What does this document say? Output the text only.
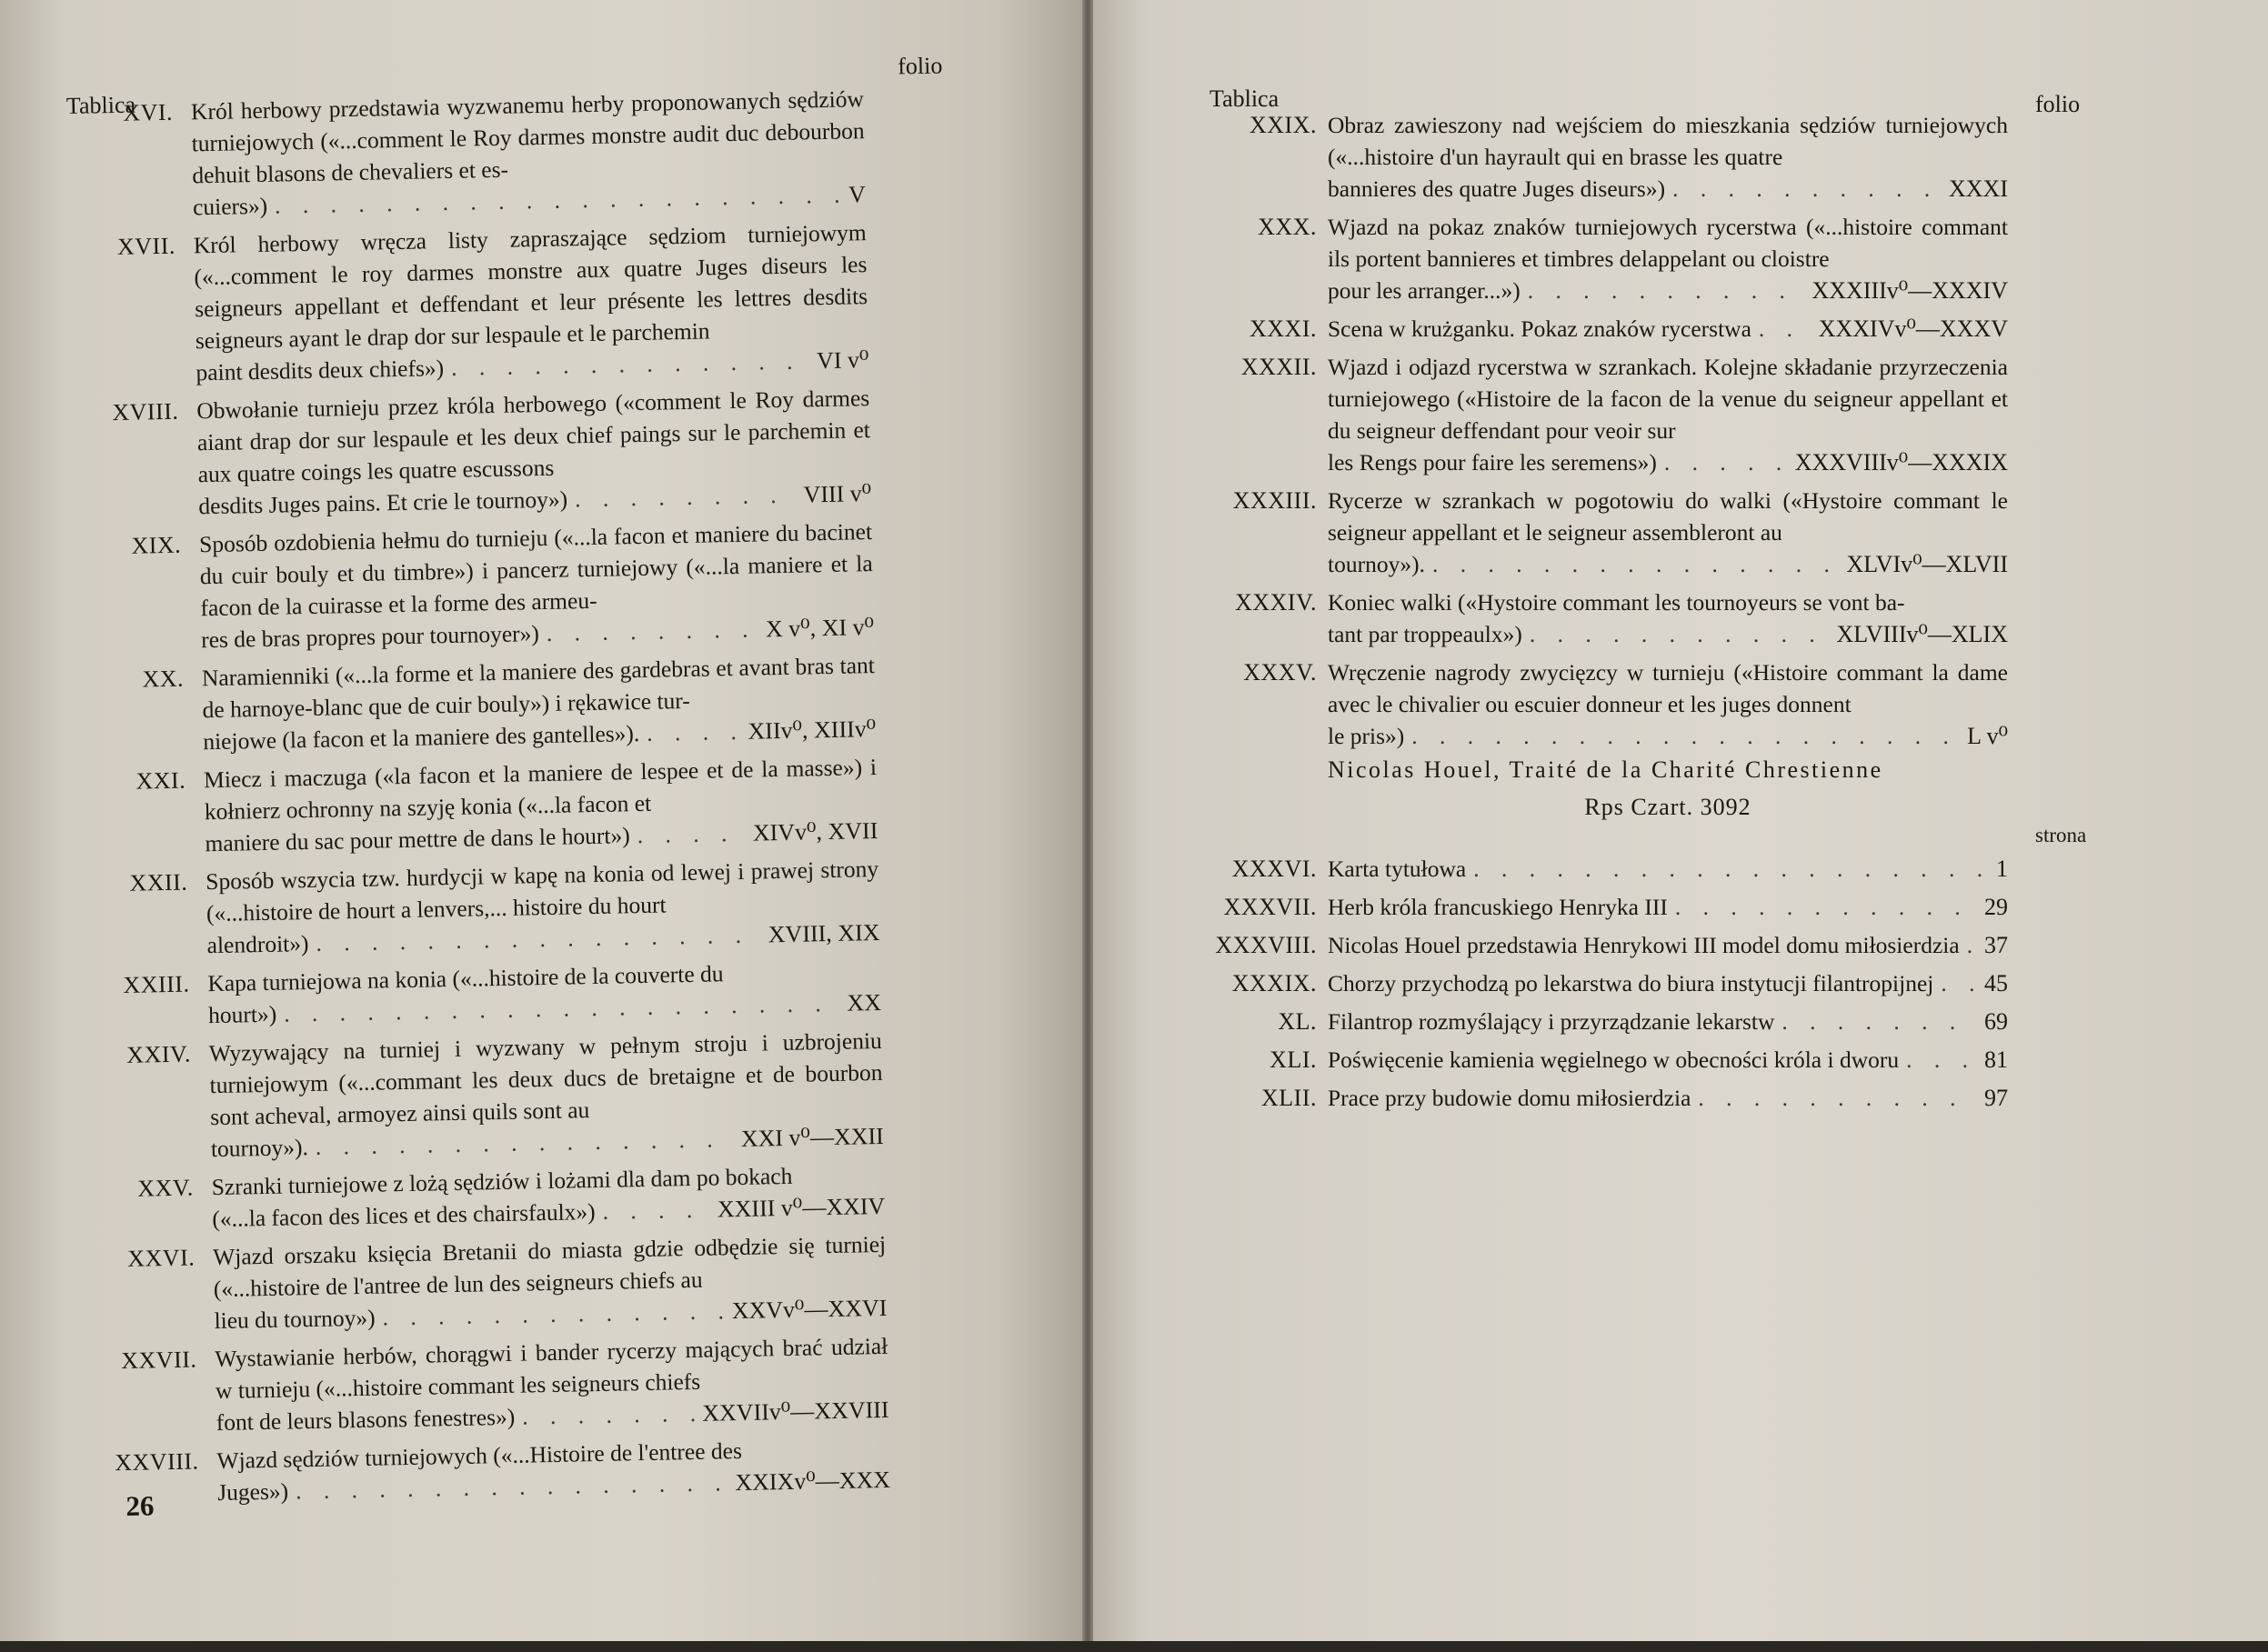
Tablica
folio
XVI. Król herbowy przedstawia wyzwanemu herby proponowanych sędziów turniejowych («...comment le Roy darmes monstre audit duc debourbon dehuit blasons de chevaliers et es-
cuiers») . . .	V
XVII. Król herbowy wręcza listy zapraszające sędziom turniejowym («...comment le roy darmes monstre aux quatre Juges diseurs les seigneurs appellant et deffendant et leur présente les lettres desdits seigneurs ayant le drap dor sur lespaule et le parchemin
paint desdits deux chiefs») . . .	VI v⁰
XVIII. Obwołanie turnieju przez króla herbowego («comment le Roy darmes aiant drap dor sur lespaule et les deux chief paings sur le parchemin et aux quatre coings les quatre escussons
desdits Juges pains. Et crie le tournoy») . . .	VIII v⁰
XIX. Sposób ozdobienia hełmu do turnieju («...la facon et maniere du bacinet du cuir bouly et du timbre») i pancerz turniejowy («...la maniere et la facon de la cuirasse et la forme des armeu-
res de bras propres pour tournoyer») . . .	X v⁰, XI v⁰
XX. Naramienniki («...la forme et la maniere des gardebras et avant bras tant de harnoye-blanc que de cuir bouly») i rękawice tur-
niejowe (la facon et la maniere des gantelles»). . . .	XIIv⁰, XIIIv⁰
XXI. Miecz i maczuga («la facon et la maniere de lespee et de la masse») i kołnierz ochronny na szyję konia («...la facon et
maniere du sac pour mettre de dans le hourt») . . .	XIVv⁰, XVII
XXII. Sposób wszycia tzw. hurdycji w kapę na konia od lewej i prawej strony («...histoire de hourt a lenvers,... histoire du hourt
alendroit») . . .	XVIII, XIX
XXIII. Kapa turniejowa na konia («...histoire de la couverte du
hourt») . . .	XX
XXIV. Wyzywający na turniej i wyzwany w pełnym stroju i uzbrojeniu turniejowym («...commant les deux ducs de bretaigne et de bourbon sont acheval, armoyez ainsi quils sont au
tournoy»). . . .	XXI v⁰—XXII
XXV. Szranki turniejowe z lożą sędziów i lożami dla dam po bokach
(«...la facon des lices et des chairsfaulx») . . .	XXIII v⁰—XXIV
XXVI. Wjazd orszaku księcia Bretanii do miasta gdzie odbędzie się turniej («...histoire de l'antree de lun des seigneurs chiefs au
lieu du tournoy») . . .	XXVv⁰—XXVI
XXVII. Wystawianie herbów, chorągwi i bander rycerzy mających brać udział w turnieju («...histoire commant les seigneurs chiefs
font de leurs blasons fenestres») . . .	XXVIIv⁰—XXVIII
XXVIII. Wjazd sędziów turniejowych («...Histoire de l'entree des
Juges») . . .	XXIXv⁰—XXX
26
Tablica	folio
XXIX. Obraz zawieszony nad wejściem do mieszkania sędziów turniejowych («...histoire d'un hayrault qui en brasse les quatre
bannieres des quatre Juges diseurs») . . .	XXXI
XXX. Wjazd na pokaz znaków turniejowych rycerstwa («...histoire commant ils portent bannieres et timbres delappelant ou cloistre
pour les arranger...») . . .	XXXIIIv⁰—XXXIV
XXXI. Scena w krużganku. Pokaz znaków rycerstwa . . .	XXXIVv⁰—XXXV
XXXII. Wjazd i odjazd rycerstwa w szrankach. Kolejne składanie przyrzeczenia turniejowego («Histoire de la facon de la venue du seigneur appellant et du seigneur deffendant pour veoir sur
les Rengs pour faire les seremens») . . .	XXXVIIIv⁰—XXXIX
XXXIII. Rycerze w szrankach w pogotowiu do walki («Hystoire commant le seigneur appellant et le seigneur assembleront au
tournoy»). . . .	XLVIv⁰—XLVII
XXXIV. Koniec walki («Hystoire commant les tournoyeurs se vont ba-
tant par troppeaulx») . . .	XLVIIIv⁰—XLIX
XXXV. Wręczenie nagrody zwycięzcy w turnieju («Histoire commant la dame avec le chivalier ou escuier donneur et les juges donnent
le pris») . . .	L v⁰
Nicolas Houel, Traité de la Charité Chrestienne
Rps Czart. 3092
strona
XXXVI. Karta tytułowa . . .	1
XXXVII. Herb króla francuskiego Henryka III . . .	29
XXXVIII. Nicolas Houel przedstawia Henrykowi III model domu miłosierdzia . . . 37
XXXIX. Chorzy przychodzą po lekarstwa do biura instytucji filantropijnej . . . 45
XL. Filantrop rozmyślający i przyrządzanie lekarstw . . .	69
XLI. Poświęcenie kamienia węgielnego w obecności króla i dworu . . .	81
XLII. Prace przy budowie domu miłosierdzia . . .	97
